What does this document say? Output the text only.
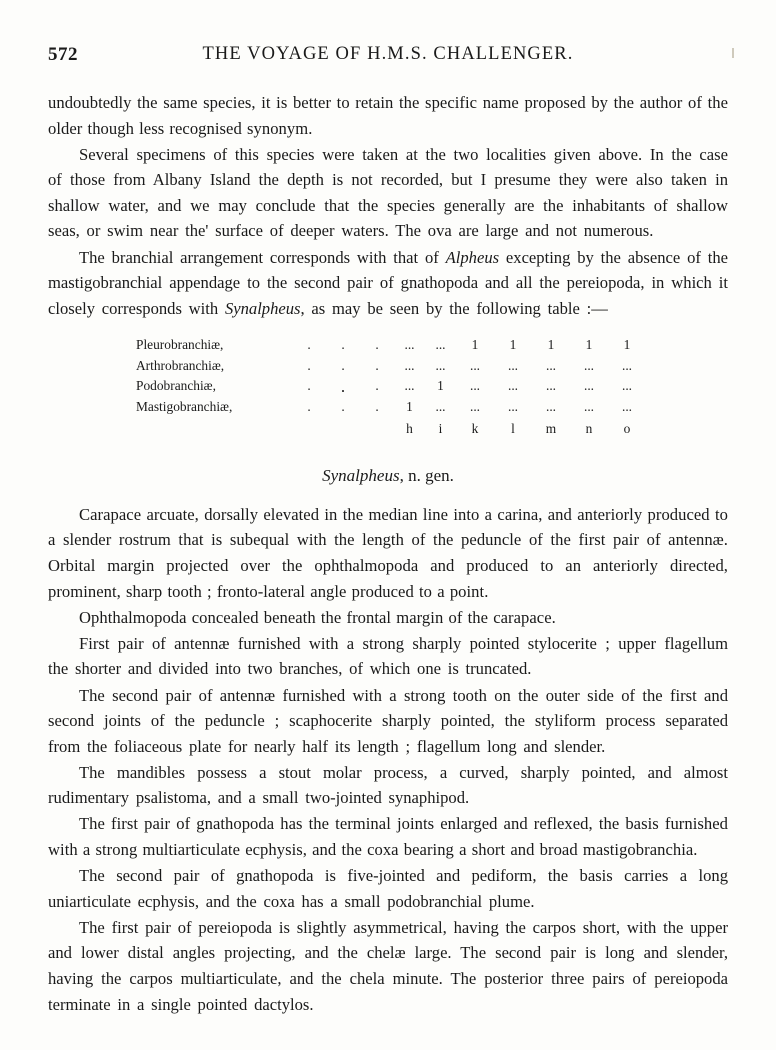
572	THE VOYAGE OF H.M.S. CHALLENGER.

undoubtedly the same species, it is better to retain the specific name proposed by the author of the older though less recognised synonym.

Several specimens of this species were taken at the two localities given above. In the case of those from Albany Island the depth is not recorded, but I presume they were also taken in shallow water, and we may conclude that the species generally are the inhabitants of shallow seas, or swim near the' surface of deeper waters. The ova are large and not numerous.

The branchial arrangement corresponds with that of Alpheus excepting by the absence of the mastigobranchial appendage to the second pair of gnathopoda and all the pereiopoda, in which it closely corresponds with Synalpheus, as may be seen by the following table :—

Pleurobranchiæ,	.	.	.	...	...	1	1	1	1	1
Arthrobranchiæ,	.	.	.	...	...	...	...	...	...	...
Podobranchiæ,	.	.	.	...	1	...	...	...	...	...
Mastigobranchiæ,	.	.	.	1	...	...	...	...	...	...
				h	i	k	l	m	n	o
Synalpheus, n. gen.

Carapace arcuate, dorsally elevated in the median line into a carina, and anteriorly produced to a slender rostrum that is subequal with the length of the peduncle of the first pair of antennæ. Orbital margin projected over the ophthalmopoda and produced to an anteriorly directed, prominent, sharp tooth ; fronto-lateral angle produced to a point.

Ophthalmopoda concealed beneath the frontal margin of the carapace.

First pair of antennæ furnished with a strong sharply pointed stylocerite ; upper flagellum the shorter and divided into two branches, of which one is truncated.

The second pair of antennæ furnished with a strong tooth on the outer side of the first and second joints of the peduncle ; scaphocerite sharply pointed, the styliform process separated from the foliaceous plate for nearly half its length ; flagellum long and slender.

The mandibles possess a stout molar process, a curved, sharply pointed, and almost rudimentary psalistoma, and a small two-jointed synaphipod.

The first pair of gnathopoda has the terminal joints enlarged and reflexed, the basis furnished with a strong multiarticulate ecphysis, and the coxa bearing a short and broad mastigobranchia.

The second pair of gnathopoda is five-jointed and pediform, the basis carries a long uniarticulate ecphysis, and the coxa has a small podobranchial plume.

The first pair of pereiopoda is slightly asymmetrical, having the carpos short, with the upper and lower distal angles projecting, and the chelæ large. The second pair is long and slender, having the carpos multiarticulate, and the chela minute. The posterior three pairs of pereiopoda terminate in a single pointed dactylos.
